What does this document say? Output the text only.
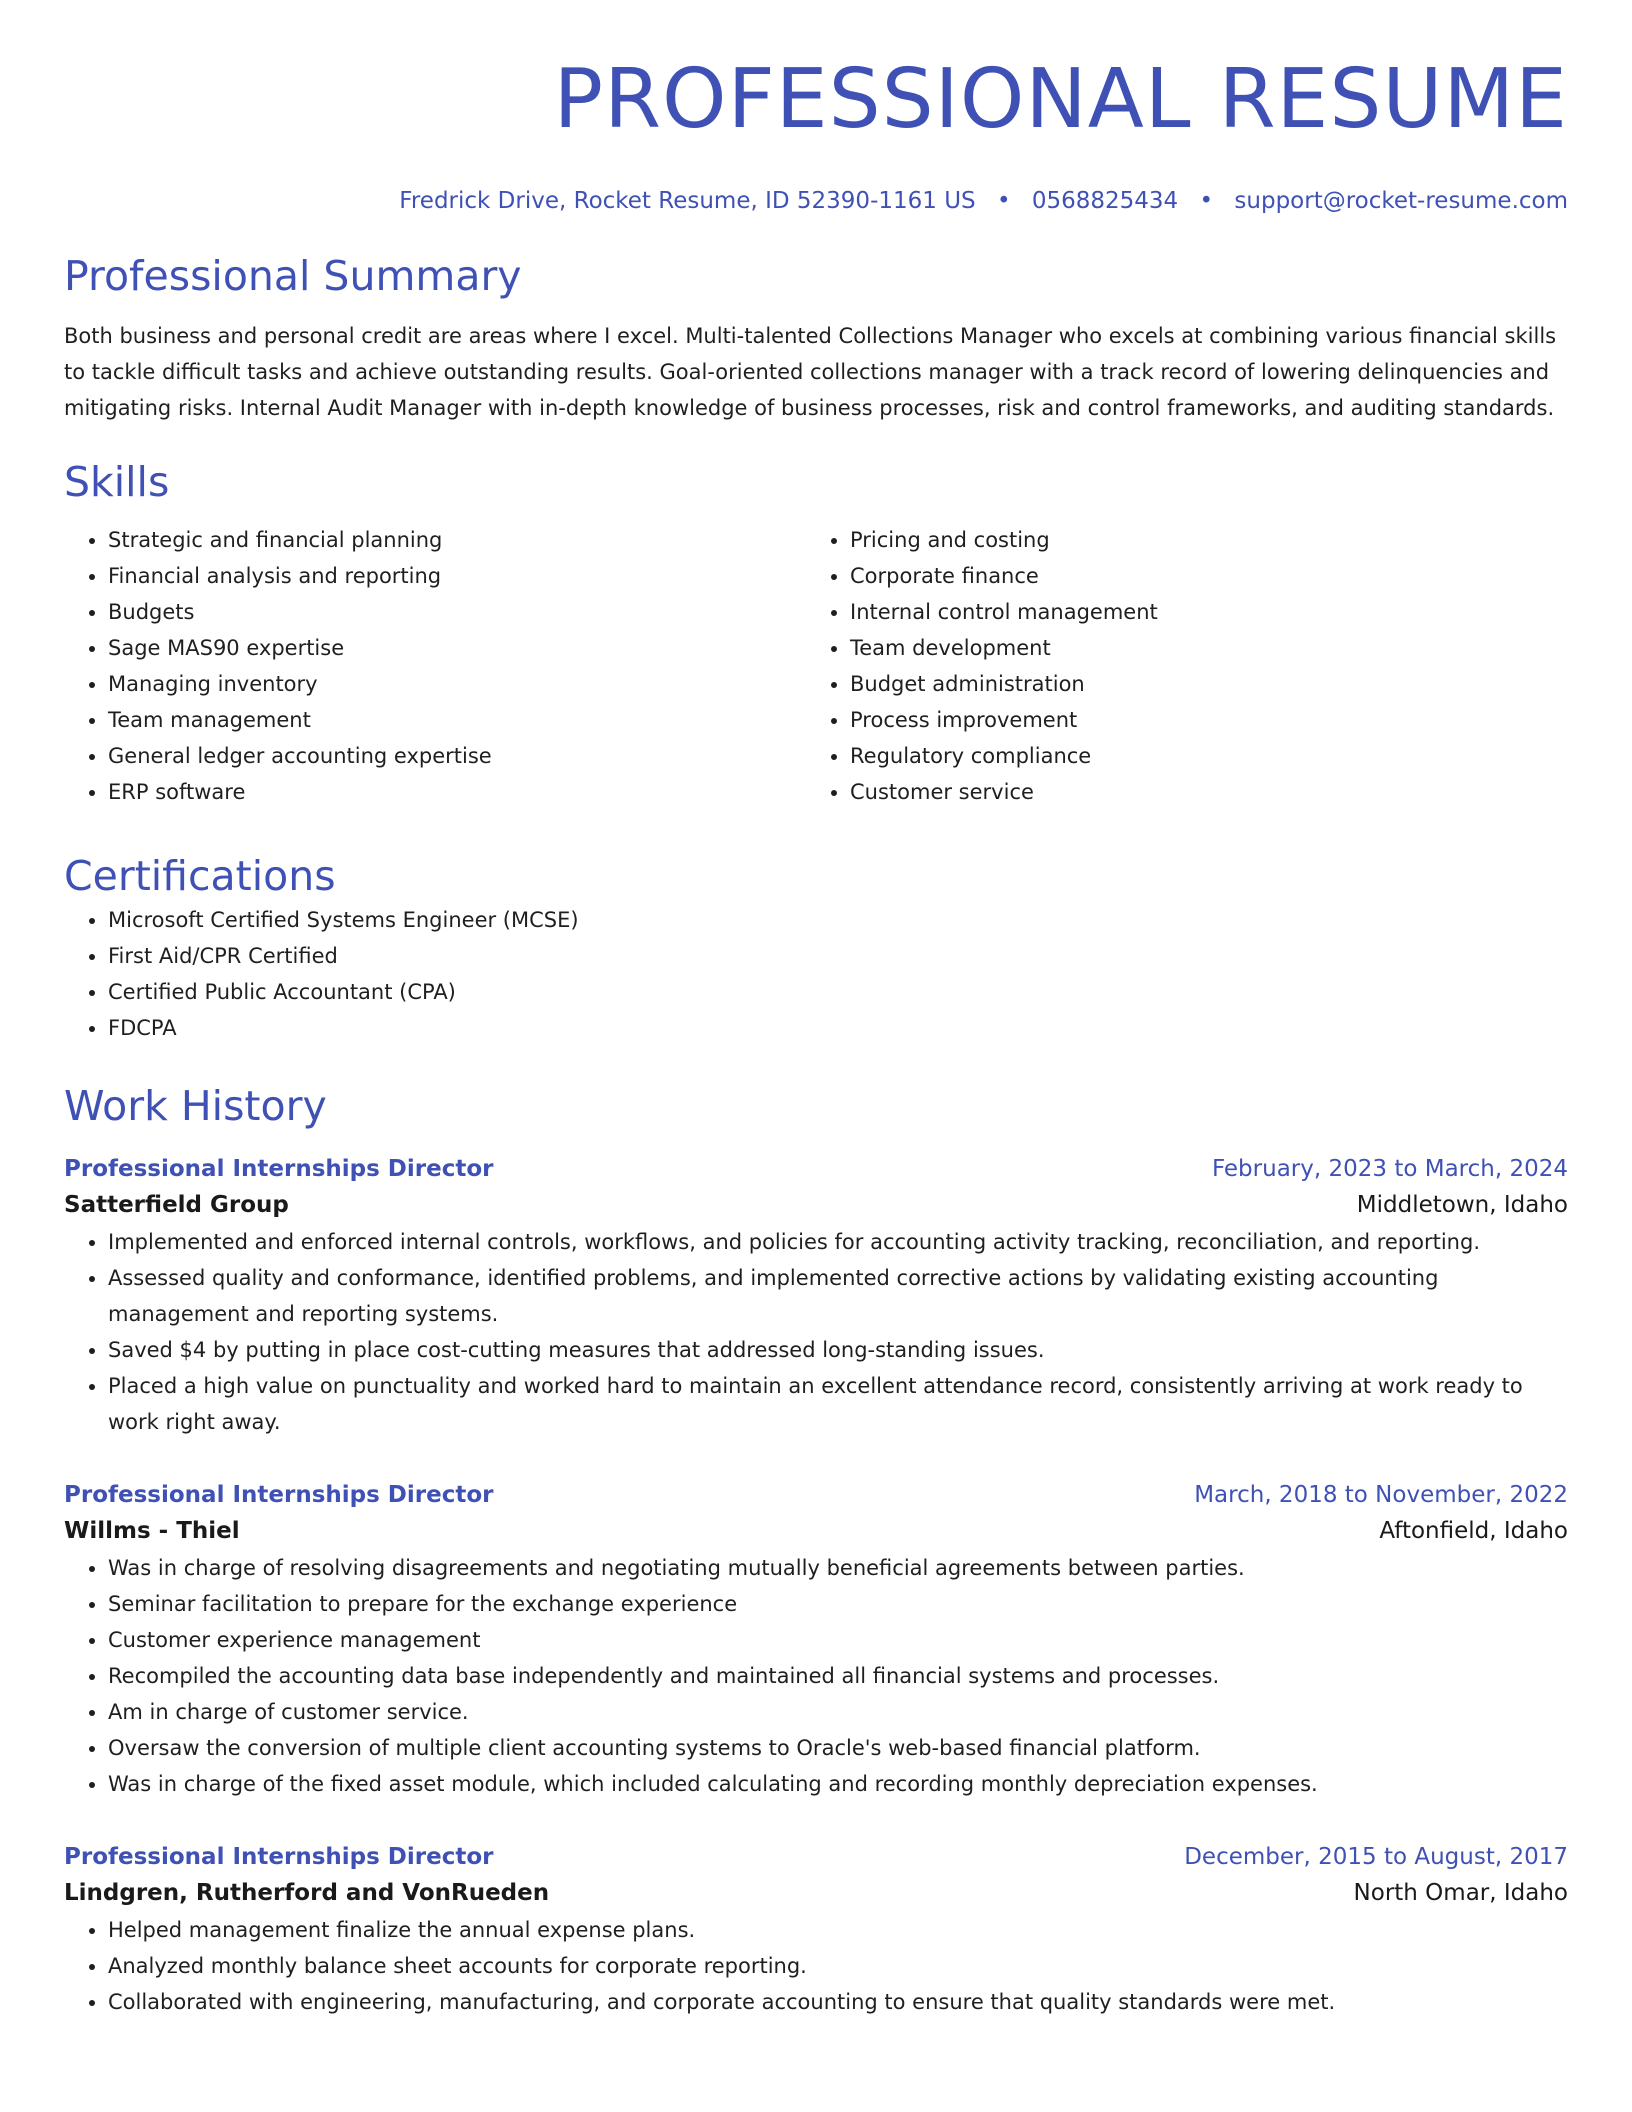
PROFESSIONAL RESUME
Fredrick Drive, Rocket Resume, ID 52390-1161 US • 0568825434 • support@rocket-resume.com
Professional Summary

Both business and personal credit are areas where I excel. Multi-talented Collections Manager who excels at combining various financial skills to tackle difficult tasks and achieve outstanding results. Goal-oriented collections manager with a track record of lowering delinquencies and mitigating risks. Internal Audit Manager with in-depth knowledge of business processes, risk and control frameworks, and auditing standards.

Skills
• Strategic and financial planning
• Financial analysis and reporting
• Budgets
• Sage MAS90 expertise
• Managing inventory
• Team management
• General ledger accounting expertise
• ERP software
• Pricing and costing
• Corporate finance
• Internal control management
• Team development
• Budget administration
• Process improvement
• Regulatory compliance
• Customer service
Certifications
• Microsoft Certified Systems Engineer (MCSE)
• First Aid/CPR Certified
• Certified Public Accountant (CPA)
• FDCPA
Work History
Professional Internships Director	February, 2023 to March, 2024
Satterfield Group	Middletown, Idaho
• Implemented and enforced internal controls, workflows, and policies for accounting activity tracking, reconciliation, and reporting.
• Assessed quality and conformance, identified problems, and implemented corrective actions by validating existing accounting management and reporting systems.
• Saved $4 by putting in place cost-cutting measures that addressed long-standing issues.
• Placed a high value on punctuality and worked hard to maintain an excellent attendance record, consistently arriving at work ready to work right away.
Professional Internships Director	March, 2018 to November, 2022
Willms - Thiel	Aftonfield, Idaho
• Was in charge of resolving disagreements and negotiating mutually beneficial agreements between parties.
• Seminar facilitation to prepare for the exchange experience
• Customer experience management
• Recompiled the accounting data base independently and maintained all financial systems and processes.
• Am in charge of customer service.
• Oversaw the conversion of multiple client accounting systems to Oracle's web-based financial platform.
• Was in charge of the fixed asset module, which included calculating and recording monthly depreciation expenses.
Professional Internships Director	December, 2015 to August, 2017
Lindgren, Rutherford and VonRueden	North Omar, Idaho
• Helped management finalize the annual expense plans.
• Analyzed monthly balance sheet accounts for corporate reporting.
• Collaborated with engineering, manufacturing, and corporate accounting to ensure that quality standards were met.
